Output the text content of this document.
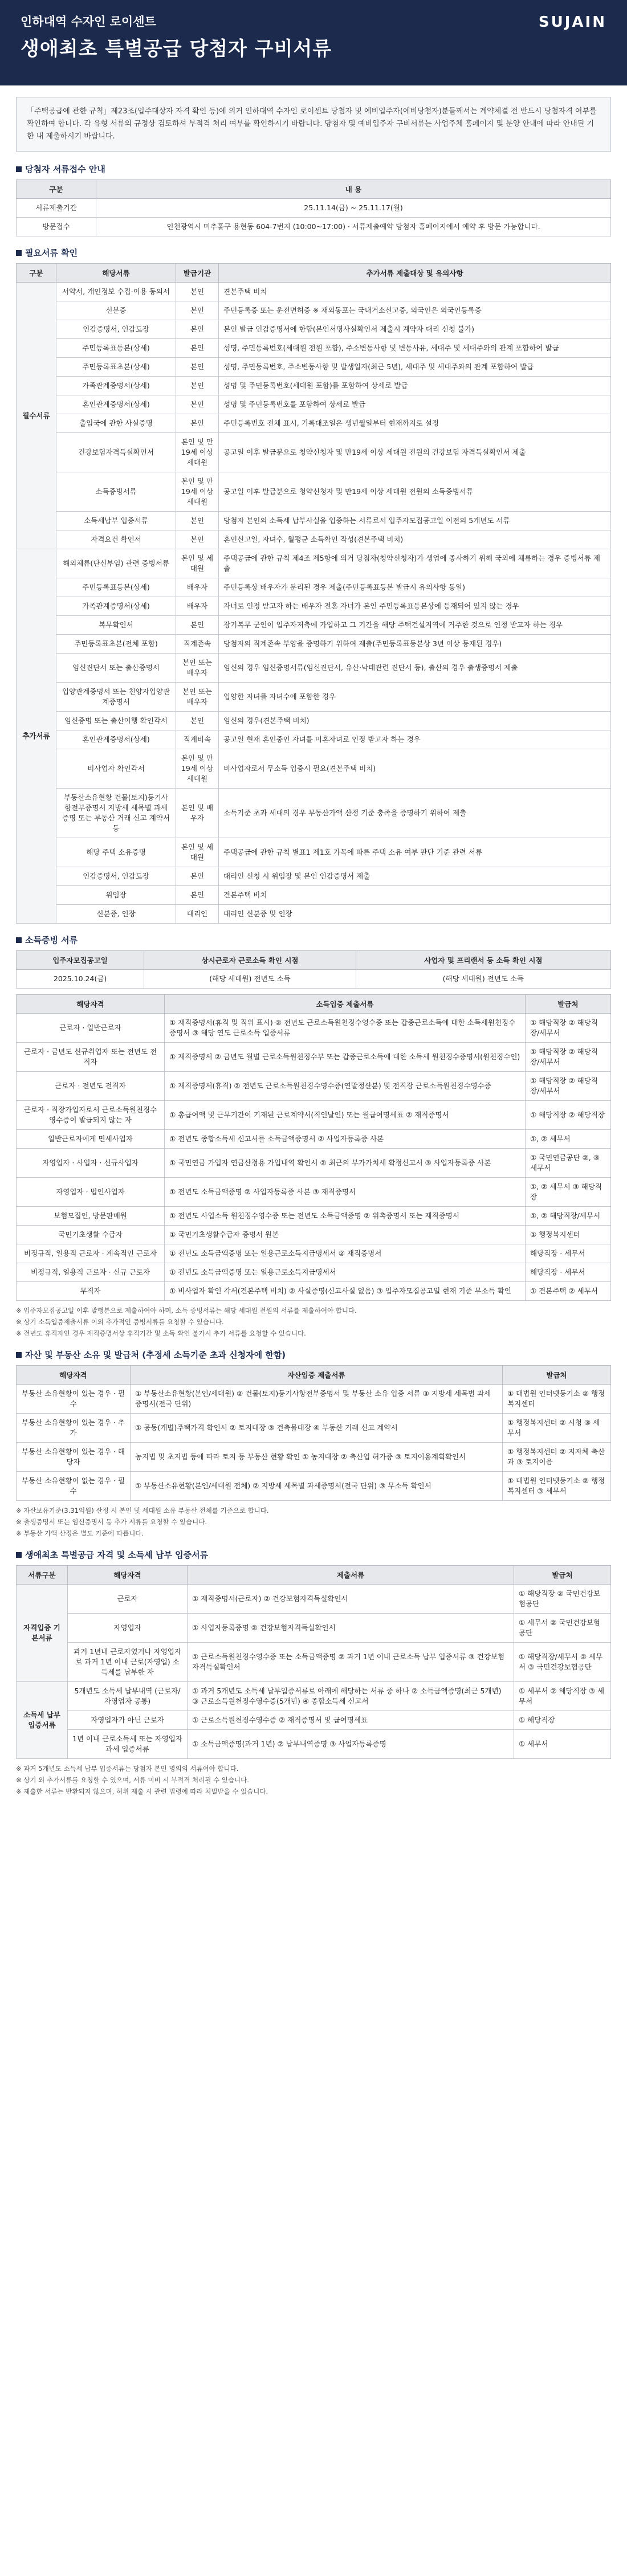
인하대역 수자인 로이센트
생애최초 특별공급 당첨자 구비서류
SUJAIN
「주택공급에 관한 규칙」제23조(입주대상자 자격 확인 등)에 의거 인하대역 수자인 로이센트 당첨자 및 예비입주자(예비당첨자)분들께서는 계약체결 전 반드시 당첨자격 여부를 확인하여 합니다. 각 유형 서류의 규정상 검토하셔 부적격 처리 여부를 확인하시기 바랍니다. 당첨자 및 예비입주자 구비서류는 사업주체 홈페이지 및 분양 안내에 따라 안내된 기한 내 제출하시기 바랍니다.
당첨자 서류접수 안내
구분	내 용
서류제출기간	25.11.14(금) ~ 25.11.17(월)
방문접수	인천광역시 미추홀구 용현동 604-7번지 (10:00~17:00) · 서류제출예약 당첨자 홈페이지에서 예약 후 방문 가능합니다.
필요서류 확인
구분	해당서류	발급기관	추가서류 제출대상 및 유의사항
필수서류	서약서, 개인정보 수집·이용 동의서	본인	견본주택 비치
	신분증	본인	주민등록증 또는 운전면허증 ※ 재외동포는 국내거소신고증, 외국인은 외국인등록증
	인감증명서, 인감도장	본인	본인 발급 인감증명서에 한함(본인서명사실확인서 제출시 계약자 대리 신청 불가)
	주민등록표등본(상세)	본인	성명, 주민등록번호(세대원 전원 포함), 주소변동사항 및 변동사유, 세대주 및 세대주와의 관계 포함하여 발급
	주민등록표초본(상세)	본인	성명, 주민등록번호, 주소변동사항 및 발생일자(최근 5년), 세대주 및 세대주와의 관계 포함하여 발급
	가족관계증명서(상세)	본인	성명 및 주민등록번호(세대원 포함)를 포함하여 상세로 발급
	혼인관계증명서(상세)	본인	성명 및 주민등록번호를 포함하여 상세로 발급
	출입국에 관한 사실증명	본인	주민등록번호 전체 표시, 기록대조일은 생년월일부터 현재까지로 설정
	건강보험자격득실확인서	본인 및 만19세 이상 세대원	공고일 이후 발급분으로 청약신청자 및 만19세 이상 세대원 전원의 건강보험 자격득실확인서 제출
	소득증빙서류	본인 및 만19세 이상 세대원	공고일 이후 발급분으로 청약신청자 및 만19세 이상 세대원 전원의 소득증빙서류
	소득세납부 입증서류	본인	당첨자 본인의 소득세 납부사실을 입증하는 서류로서 입주자모집공고일 이전의 5개년도 서류
	자격요건 확인서	본인	혼인신고일, 자녀수, 월평균 소득확인 작성(견본주택 비치)
추가서류	해외체류(단신부임) 관련 증빙서류	본인 및 세대원	주택공급에 관한 규칙 제4조 제5항에 의거 당첨자(청약신청자)가 생업에 종사하기 위해 국외에 체류하는 경우 증빙서류 제출
	주민등록표등본(상세)	배우자	주민등록상 배우자가 분리된 경우 제출(주민등록표등본 발급시 유의사항 동일)
	가족관계증명서(상세)	배우자	자녀로 인정 받고자 하는 배우자 전혼 자녀가 본인 주민등록표등본상에 등재되어 있지 않는 경우
	복무확인서	본인	장기복무 군인이 입주자저축에 가입하고 그 기간을 해당 주택건설지역에 거주한 것으로 인정 받고자 하는 경우
	주민등록표초본(전체 포함)	직계존속	당첨자의 직계존속 부양을 증명하기 위하여 제출(주민등록표등본상 3년 이상 등재된 경우)
	임신진단서 또는 출산증명서	본인 또는 배우자	임신의 경우 임신증명서류(임신진단서, 유산·낙태관련 진단서 등), 출산의 경우 출생증명서 제출
	입양관계증명서 또는 친양자입양관계증명서	본인 또는 배우자	입양한 자녀를 자녀수에 포함한 경우
	임신증명 또는 출산이행 확인각서	본인	임신의 경우(견본주택 비치)
	혼인관계증명서(상세)	직계비속	공고일 현재 혼인중인 자녀를 미혼자녀로 인정 받고자 하는 경우
	비사업자 확인각서	본인 및 만19세 이상 세대원	비사업자로서 무소득 입증시 필요(견본주택 비치)
	부동산소유현황 건물(토지)등기사항전부증명서 지방세 세목별 과세증명 또는 부동산 거래 신고 계약서 등	본인 및 배우자	소득기준 초과 세대의 경우 부동산가액 산정 기준 충족을 증명하기 위하여 제출
	해당 주택 소유증명	본인 및 세대원	주택공급에 관한 규칙 별표1 제1호 가목에 따른 주택 소유 여부 판단 기준 관련 서류
	인감증명서, 인감도장	본인	대리인 신청 시 위임장 및 본인 인감증명서 제출
	위임장	본인	견본주택 비치
	신분증, 인장	대리인	대리인 신분증 및 인장
소득증빙 서류
입주자모집공고일	상시근로자 근로소득 확인 시점	사업자 및 프리랜서 등 소득 확인 시점
2025.10.24(금)	(해당 세대원) 전년도 소득	(해당 세대원) 전년도 소득
해당자격	소득입증 제출서류	발급처
근로자 · 일반근로자	① 재직증명서(휴직 및 직위 표시) ② 전년도 근로소득원천징수영수증 또는 갑종근로소득에 대한 소득세원천징수증명서 ③ 해당 연도 근로소득 입증서류	① 해당직장 ② 해당직장/세무서
근로자 · 금년도 신규취업자 또는 전년도 전직자	① 재직증명서 ② 금년도 월별 근로소득원천징수부 또는 갑종근로소득에 대한 소득세 원천징수증명서(원천징수인)	① 해당직장 ② 해당직장/세무서
근로자 · 전년도 전직자	① 재직증명서(휴직) ② 전년도 근로소득원천징수영수증(연말정산분) 및 전직장 근로소득원천징수영수증	① 해당직장 ② 해당직장/세무서
근로자 · 직장가입자로서 근로소득원천징수영수증이 발급되지 않는 자	① 총급여액 및 근무기간이 기재된 근로계약서(직인날인) 또는 월급여명세표 ② 재직증명서	① 해당직장 ② 해당직장
일반근로자에게 면세사업자	① 전년도 종합소득세 신고서를 소득금액증명서 ② 사업자등록증 사본	①, ② 세무서
자영업자 · 사업자 · 신규사업자	① 국민연금 가입자 연금산정용 가입내역 확인서 ② 최근의 부가가치세 확정신고서 ③ 사업자등록증 사본	① 국민연금공단 ②, ③ 세무서
자영업자 · 법인사업자	① 전년도 소득금액증명 ② 사업자등록증 사본 ③ 재직증명서	①, ② 세무서 ③ 해당직장
보험모집인, 방문판매원	① 전년도 사업소득 원천징수영수증 또는 전년도 소득금액증명 ② 위촉증명서 또는 재직증명서	①, ② 해당직장/세무서
국민기초생활 수급자	① 국민기초생활수급자 증명서 원본	① 행정복지센터
비정규직, 일용직 근로자 · 계속적인 근로자	① 전년도 소득금액증명 또는 일용근로소득지급명세서 ② 재직증명서	해당직장 · 세무서
비정규직, 일용직 근로자 · 신규 근로자	① 전년도 소득금액증명 또는 일용근로소득지급명세서	해당직장 · 세무서
무직자	① 비사업자 확인 각서(견본주택 비치) ② 사실증명(신고사실 없음) ③ 입주자모집공고일 현재 기준 무소득 확인	① 견본주택 ② 세무서
※ 입주자모집공고일 이후 발행분으로 제출하여야 하며, 소득 증빙서류는 해당 세대원 전원의 서류를 제출하여야 합니다.
※ 상기 소득입증제출서류 이외 추가적인 증빙서류를 요청할 수 있습니다.
※ 전년도 휴직자인 경우 재직증명서상 휴직기간 및 소득 확인 불가시 추가 서류를 요청할 수 있습니다.
자산 및 부동산 소유 및 발급처 (추정세 소득기준 초과 신청자에 한함)
해당자격	자산입증 제출서류	발급처
부동산 소유현황이 있는 경우 · 필수	① 부동산소유현황(본인/세대원) ② 건물(토지)등기사항전부증명서 및 부동산 소유 입증 서류 ③ 지방세 세목별 과세증명서(전국 단위)	① 대법원 인터넷등기소 ② 행정복지센터
부동산 소유현황이 있는 경우 · 추가	① 공동(개별)주택가격 확인서 ② 토지대장 ③ 건축물대장 ④ 부동산 거래 신고 계약서	① 행정복지센터 ② 시청 ③ 세무서
부동산 소유현황이 있는 경우 · 해당자	농지법 및 초지법 등에 따라 토지 등 부동산 현황 확인 ① 농지대장 ② 축산업 허가증 ③ 토지이용계획확인서	① 행정복지센터 ② 지자체 축산과 ③ 토지이음
부동산 소유현황이 없는 경우 · 필수	① 부동산소유현황(본인/세대원 전체) ② 지방세 세목별 과세증명서(전국 단위) ③ 무소득 확인서	① 대법원 인터넷등기소 ② 행정복지센터 ③ 세무서
※ 자산보유기준(3.31억원) 산정 시 본인 및 세대원 소유 부동산 전체를 기준으로 합니다.
※ 출생증명서 또는 임신증명서 등 추가 서류를 요청할 수 있습니다.
※ 부동산 가액 산정은 별도 기준에 따릅니다.
생애최초 특별공급 자격 및 소득세 납부 입증서류
서류구분	해당자격	제출서류	발급처
자격입증 기본서류	근로자	① 재직증명서(근로자) ② 건강보험자격득실확인서	① 해당직장 ② 국민건강보험공단
	자영업자	① 사업자등록증명 ② 건강보험자격득실확인서	① 세무서 ② 국민건강보험공단
	과거 1년내 근로자였거나 자영업자로 과거 1년 이내 근로(자영업) 소득세를 납부한 자	① 근로소득원천징수영수증 또는 소득금액증명 ② 과거 1년 이내 근로소득 납부 입증서류 ③ 건강보험자격득실확인서	① 해당직장/세무서 ② 세무서 ③ 국민건강보험공단
소득세 납부 입증서류	5개년도 소득세 납부내역 (근로자/자영업자 공통)	① 과거 5개년도 소득세 납부입증서류로 아래에 해당하는 서류 중 하나 ② 소득금액증명(최근 5개년) ③ 근로소득원천징수영수증(5개년) ④ 종합소득세 신고서	① 세무서 ② 해당직장 ③ 세무서
	자영업자가 아닌 근로자	① 근로소득원천징수영수증 ② 재직증명서 및 급여명세표	① 해당직장
	1년 이내 근로소득세 또는 자영업자 과세 입증서류	① 소득금액증명(과거 1년) ② 납부내역증명 ③ 사업자등록증명	① 세무서
※ 과거 5개년도 소득세 납부 입증서류는 당첨자 본인 명의의 서류여야 합니다.
※ 상기 외 추가서류를 요청할 수 있으며, 서류 미비 시 부적격 처리될 수 있습니다.
※ 제출한 서류는 반환되지 않으며, 허위 제출 시 관련 법령에 따라 처벌받을 수 있습니다.
